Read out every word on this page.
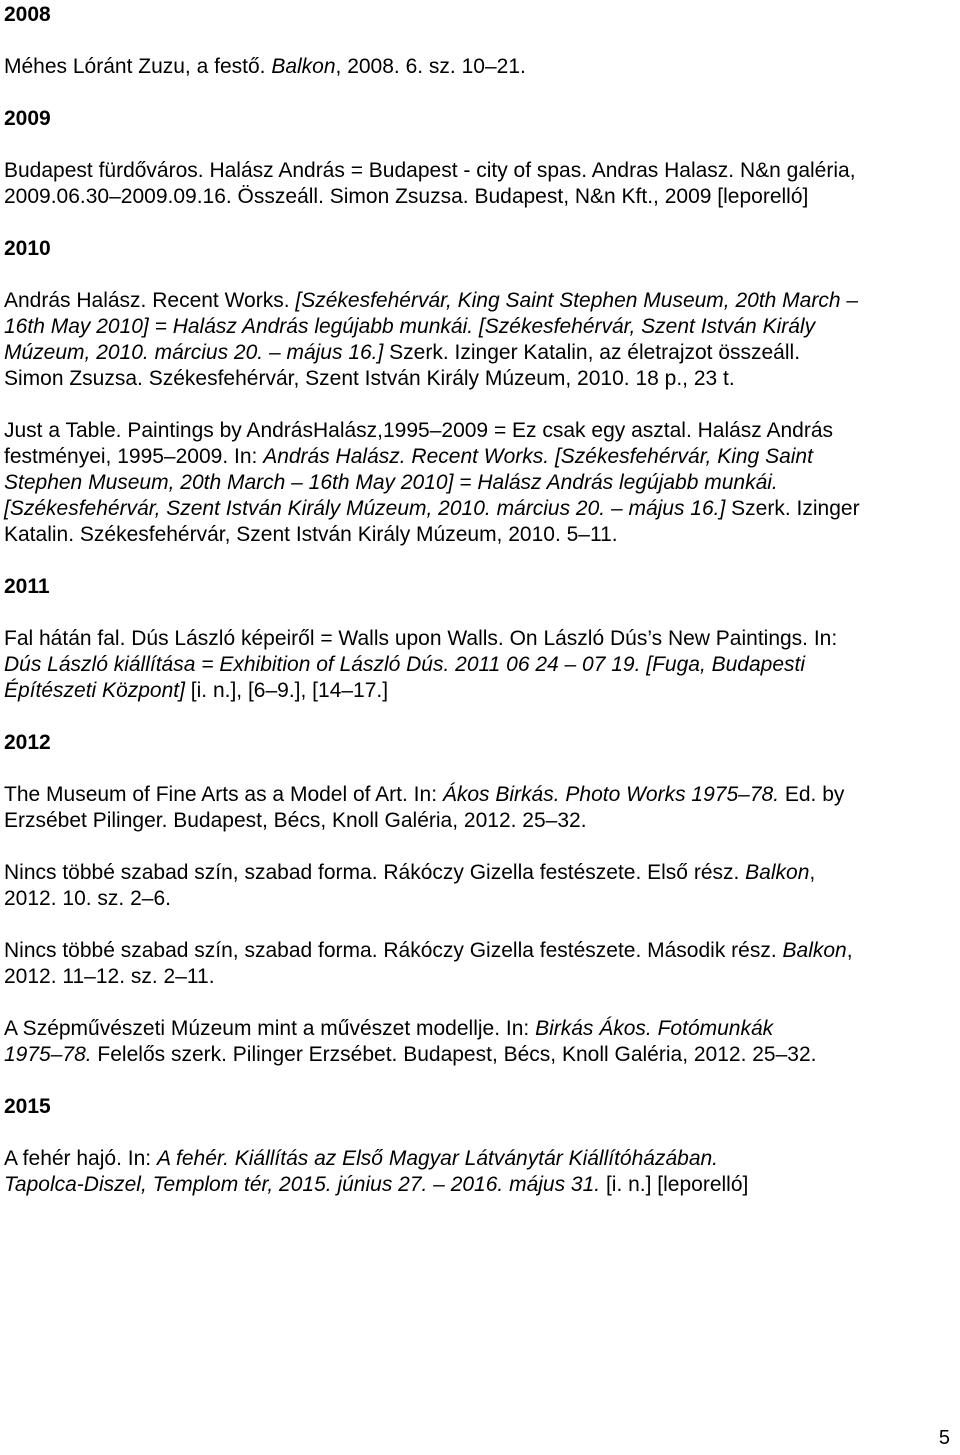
2008
Méhes Lóránt Zuzu, a festő. Balkon, 2008. 6. sz. 10–21.
2009
Budapest fürdőváros. Halász András = Budapest - city of spas. Andras Halasz. N&n galéria,
2009.06.30–2009.09.16. Összeáll. Simon Zsuzsa. Budapest, N&n Kft., 2009 [leporelló]
2010
András Halász. Recent Works. [Székesfehérvár, King Saint Stephen Museum, 20th March –
16th May 2010] = Halász András legújabb munkái. [Székesfehérvár, Szent István Király
Múzeum, 2010. március 20. – május 16.] Szerk. Izinger Katalin, az életrajzot összeáll.
Simon Zsuzsa. Székesfehérvár, Szent István Király Múzeum, 2010. 18 p., 23 t.
Just a Table. Paintings by AndrásHalász,1995–2009 = Ez csak egy asztal. Halász András
festményei, 1995–2009. In: András Halász. Recent Works. [Székesfehérvár, King Saint
Stephen Museum, 20th March – 16th May 2010] = Halász András legújabb munkái.
[Székesfehérvár, Szent István Király Múzeum, 2010. március 20. – május 16.] Szerk. Izinger
Katalin. Székesfehérvár, Szent István Király Múzeum, 2010. 5–11.
2011
Fal hátán fal. Dús László képeiről = Walls upon Walls. On László Dús’s New Paintings. In:
Dús László kiállítása = Exhibition of László Dús. 2011 06 24 – 07 19. [Fuga, Budapesti
Építészeti Központ] [i. n.], [6–9.], [14–17.]
2012
The Museum of Fine Arts as a Model of Art. In: Ákos Birkás. Photo Works 1975–78. Ed. by
Erzsébet Pilinger. Budapest, Bécs, Knoll Galéria, 2012. 25–32.
Nincs többé szabad szín, szabad forma. Rákóczy Gizella festészete. Első rész. Balkon,
2012. 10. sz. 2–6.
Nincs többé szabad szín, szabad forma. Rákóczy Gizella festészete. Második rész. Balkon,
2012. 11–12. sz. 2–11.
A Szépművészeti Múzeum mint a művészet modellje. In: Birkás Ákos. Fotómunkák
1975–78. Felelős szerk. Pilinger Erzsébet. Budapest, Bécs, Knoll Galéria, 2012. 25–32.
2015
A fehér hajó. In: A fehér. Kiállítás az Első Magyar Látványtár Kiállítóházában.
Tapolca-Diszel, Templom tér, 2015. június 27. – 2016. május 31. [i. n.] [leporelló]
5
